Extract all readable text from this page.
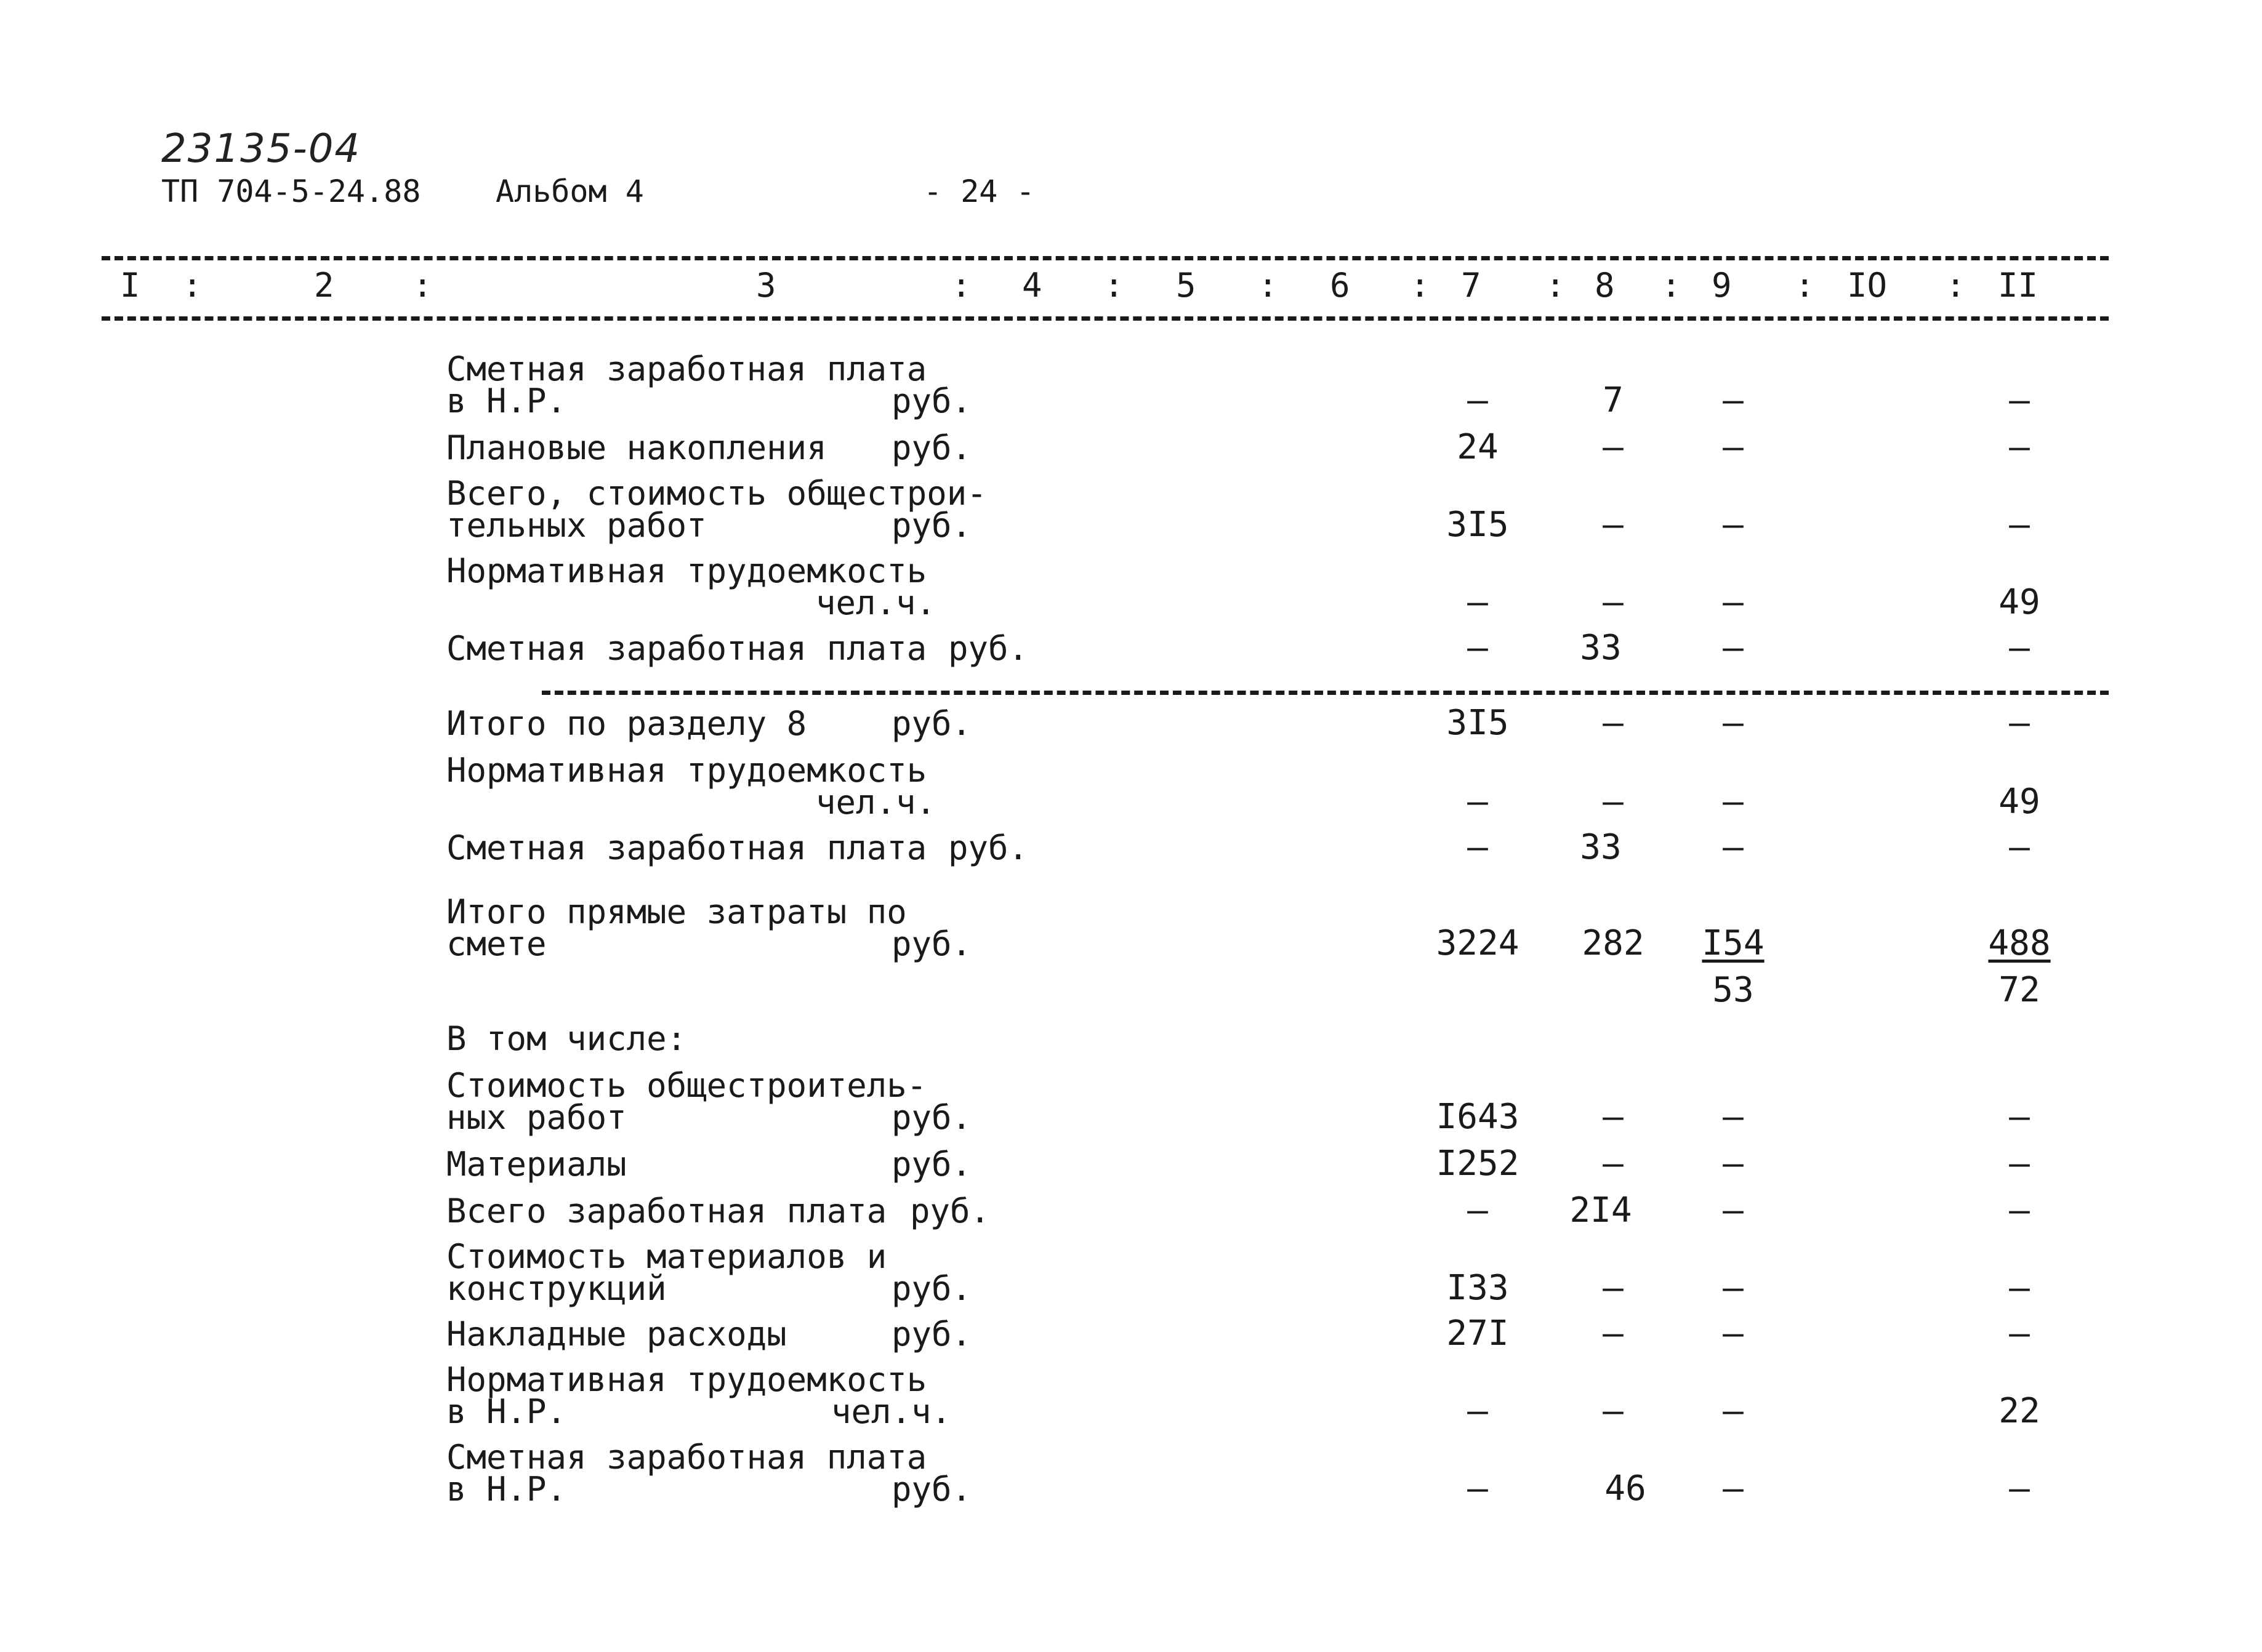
23135-04
ТП 704-5-24.88 Альбом 4	- 24 -
I :	2 :	3	: 4 : 5 : 6 : 7 : 8 : 9 : IO : II
Сметная заработная плата
в Н.Р.	руб.	–	7	–	–
Плановые накопления руб.	24	–	–	–
Всего, стоимость общестрои-
тельных работ	руб.	3I5	–	–	–
Нормативная трудоемкость
чел.ч.	–	–	–	49
Сметная заработная плата руб.	–	33	–	–
Итого по разделу 8	руб.	3I5	–	–	–
Нормативная трудоемкость
чел.ч.	–	–	–	49
Сметная заработная плата руб.	–	33	–	–
Итого прямые затраты по
смете	руб.	3224	282	I54	488
53	72
В том числе:
Стоимость общестроитель-
ных работ	руб.	I643	–	–	–
Материалы	руб.	I252	–	–	–
Всего заработная плата руб.	–	2I4	–	–
Стоимость материалов и
конструкций	руб.	I33	–	–	–
Накладные расходы	руб.	27I	–	–	–
Нормативная трудоемкость
в Н.Р.	чел.ч.	–	–	–	22
Сметная заработная плата
в Н.Р.	руб.	–	46	–	–
